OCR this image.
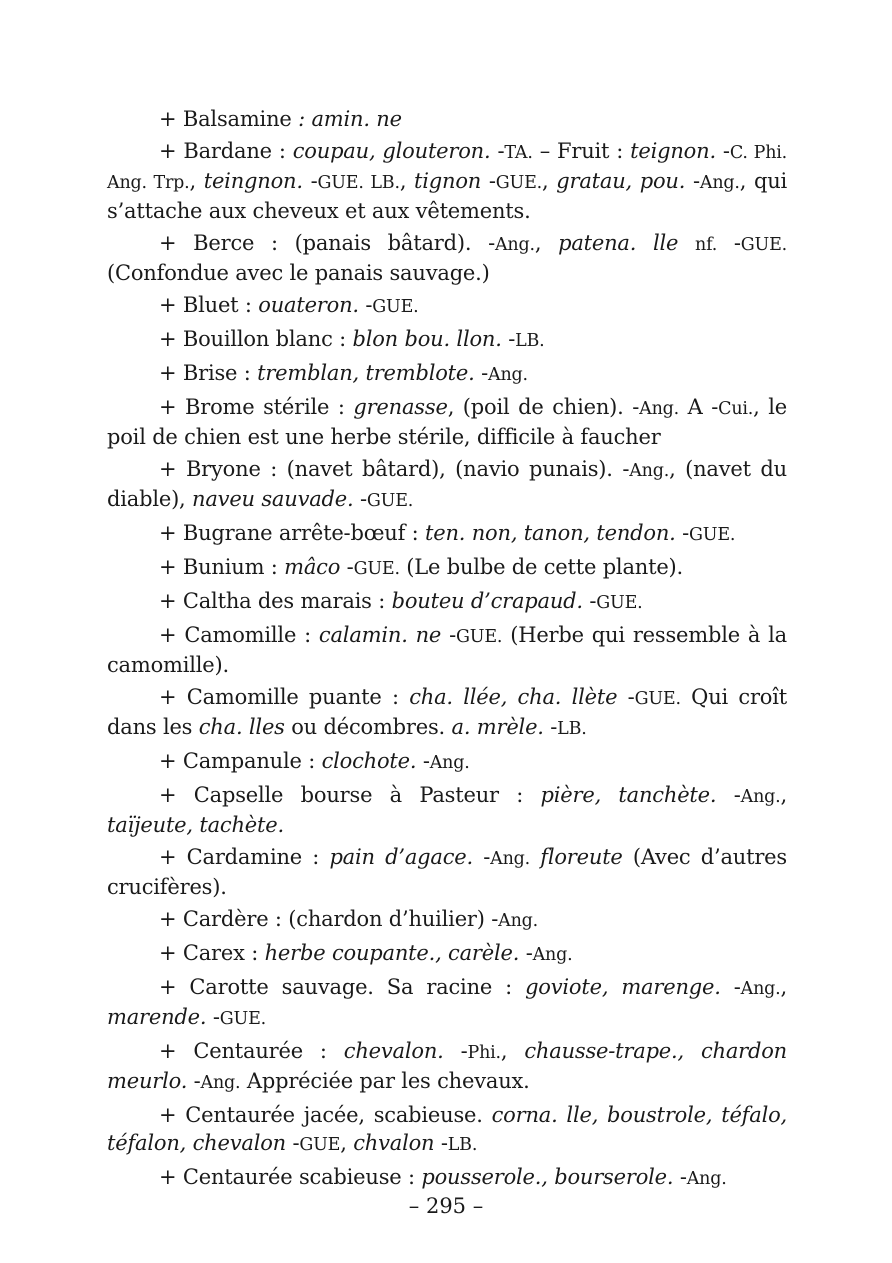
+ Balsamine : amin. ne

+ Bardane : coupau, glouteron. -TA. – Fruit : teignon. -C. Phi. Ang. Trp., teingnon. -GUE. LB., tignon -GUE., gratau, pou. -Ang., qui s’attache aux cheveux et aux vêtements.

+ Berce : (panais bâtard). -Ang., patena. lle nf. -GUE. (Confondue avec le panais sauvage.)

+ Bluet : ouateron. -GUE.

+ Bouillon blanc : blon bou. llon. -LB.

+ Brise : tremblan, tremblote. -Ang.

+ Brome stérile : grenasse, (poil de chien). -Ang. A -Cui., le poil de chien est une herbe stérile, difficile à faucher

+ Bryone : (navet bâtard), (navio punais). -Ang., (navet du diable), naveu sauvade. -GUE.

+ Bugrane arrête-bœuf : ten. non, tanon, tendon. -GUE.

+ Bunium : mâco -GUE. (Le bulbe de cette plante).

+ Caltha des marais : bouteu d’crapaud. -GUE.

+ Camomille : calamin. ne -GUE. (Herbe qui ressemble à la camomille).

+ Camomille puante : cha. llée, cha. llète -GUE. Qui croît dans les cha. lles ou décombres. a. mrèle. -LB.

+ Campanule : clochote. -Ang.

+ Capselle bourse à Pasteur : pière, tanchète. -Ang., taïjeute, tachète.

+ Cardamine : pain d’agace. -Ang. floreute (Avec d’autres crucifères).

+ Cardère : (chardon d’huilier) -Ang.

+ Carex : herbe coupante., carèle. -Ang.

+ Carotte sauvage. Sa racine : goviote, marenge. -Ang., marende. -GUE.

+ Centaurée : chevalon. -Phi., chausse-trape., chardon meurlo. -Ang. Appréciée par les chevaux.

+ Centaurée jacée, scabieuse. corna. lle, boustrole, téfalo, téfalon, chevalon -GUE, chvalon -LB.

+ Centaurée scabieuse : pousserole., bourserole. -Ang.

– 295 –
